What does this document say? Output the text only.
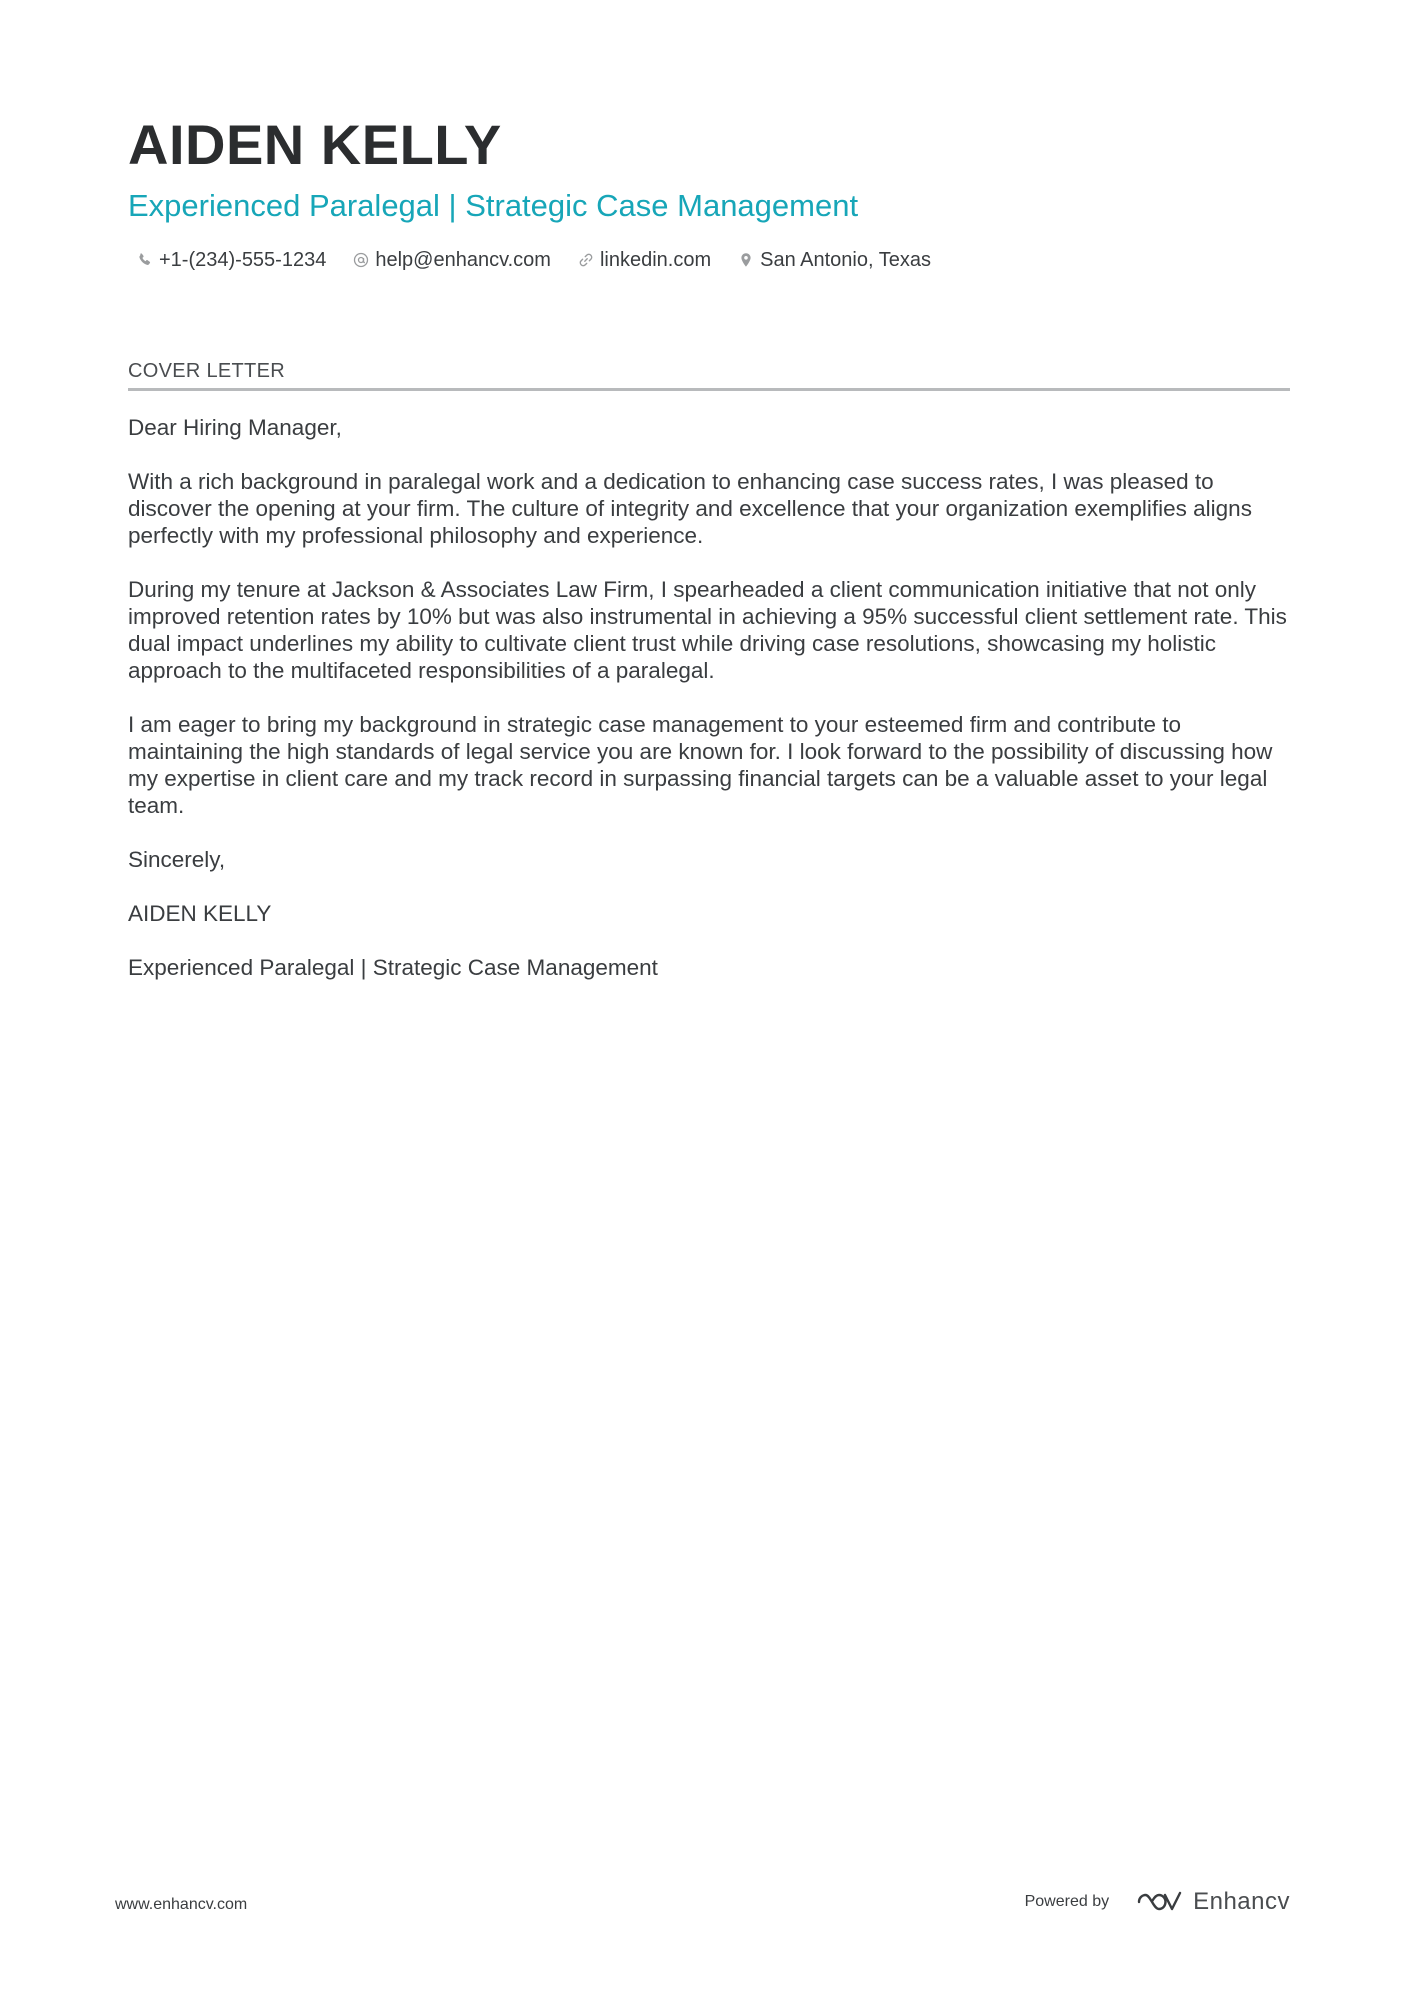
AIDEN KELLY
Experienced Paralegal | Strategic Case Management
+1-(234)-555-1234 help@enhancv.com linkedin.com San Antonio, Texas
COVER LETTER

Dear Hiring Manager,

With a rich background in paralegal work and a dedication to enhancing case success rates, I was pleased to discover the opening at your firm. The culture of integrity and excellence that your organization exemplifies aligns perfectly with my professional philosophy and experience.

During my tenure at Jackson & Associates Law Firm, I spearheaded a client communication initiative that not only improved retention rates by 10% but was also instrumental in achieving a 95% successful client settlement rate. This dual impact underlines my ability to cultivate client trust while driving case resolutions, showcasing my holistic approach to the multifaceted responsibilities of a paralegal.

I am eager to bring my background in strategic case management to your esteemed firm and contribute to maintaining the high standards of legal service you are known for. I look forward to the possibility of discussing how my expertise in client care and my track record in surpassing financial targets can be a valuable asset to your legal team.

Sincerely,

AIDEN KELLY

Experienced Paralegal | Strategic Case Management

www.enhancv.com	Powered by	Enhancv
